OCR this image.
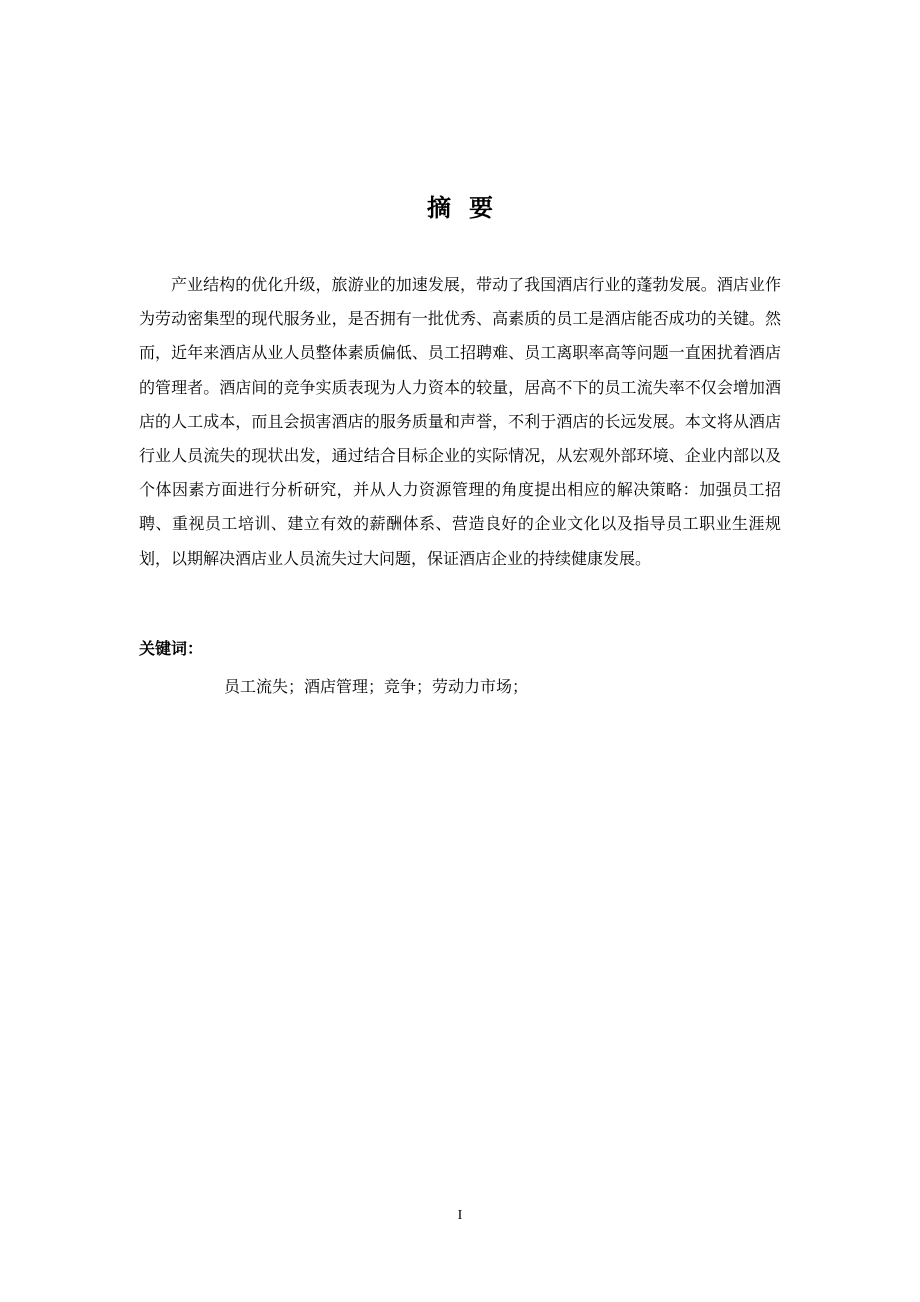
摘要

产业结构的优化升级，旅游业的加速发展，带动了我国酒店行业的蓬勃发展。酒店业作为劳动密集型的现代服务业，是否拥有一批优秀、高素质的员工是酒店能否成功的关键。然而，近年来酒店从业人员整体素质偏低、员工招聘难、员工离职率高等问题一直困扰着酒店的管理者。酒店间的竞争实质表现为人力资本的较量，居高不下的员工流失率不仅会增加酒店的人工成本，而且会损害酒店的服务质量和声誉，不利于酒店的长远发展。本文将从酒店行业人员流失的现状出发，通过结合目标企业的实际情况，从宏观外部环境、企业内部以及个体因素方面进行分析研究，并从人力资源管理的角度提出相应的解决策略：加强员工招聘、重视员工培训、建立有效的薪酬体系、营造良好的企业文化以及指导员工职业生涯规划，以期解决酒店业人员流失过大问题，保证酒店企业的持续健康发展。

关键词：
员工流失；酒店管理；竞争；劳动力市场；
I
